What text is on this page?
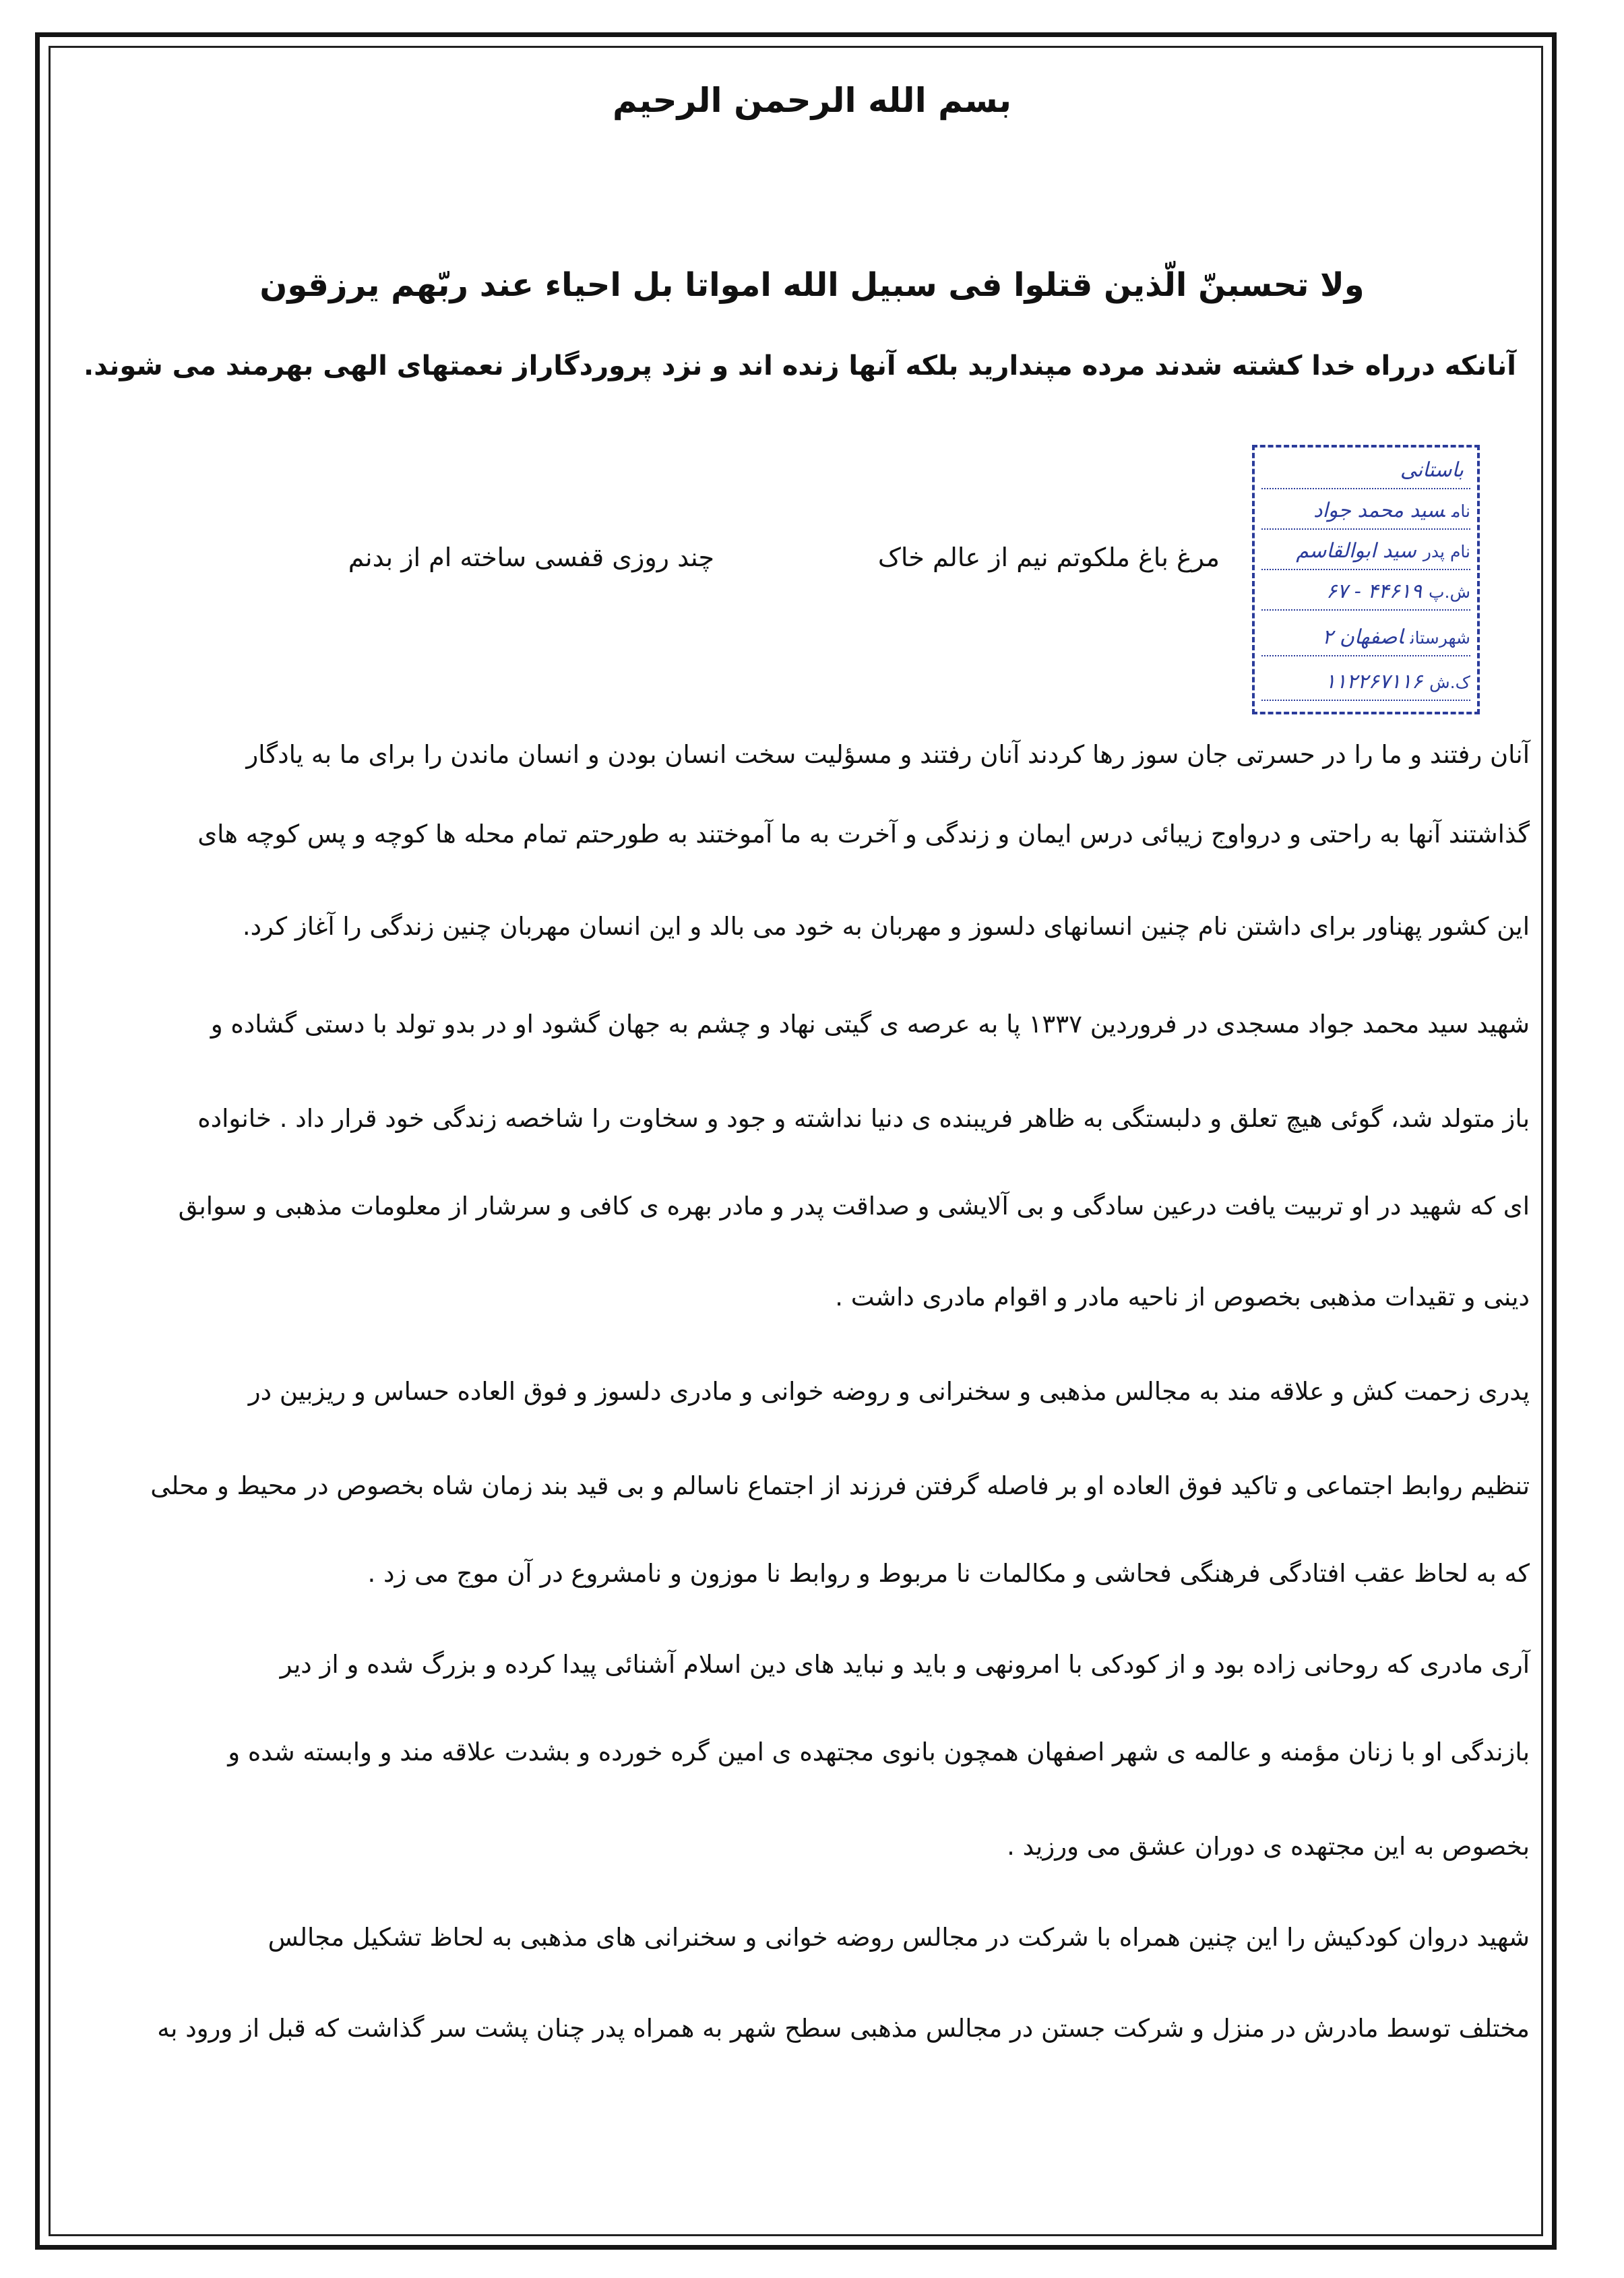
بسم الله الرحمن الرحیم
ولا تحسبنّ الّذین قتلوا فی سبیل الله امواتا بل احیاء عند ربّهم یرزقون
آنانکه درراه خدا کشته شدند مرده مپندارید بلکه آنها زنده اند و نزد پروردگاراز نعمتهای الهی بهرمند می شوند.
مرغ باغ ملکوتم نیم از عالم خاک
چند روزی قفسی ساخته ام از بدنم
باستانی
نامسید محمد جواد
نام پدرسید ابوالقاسم
ش.پ۴۴۶۱۹ - ۶۷
شهرستاناصفهان ۲
ک.ش۱۱۲۲۶۷۱۱۶
آنان رفتند و ما را در حسرتی جان سوز رها کردند آنان رفتند و مسؤلیت سخت انسان بودن و انسان ماندن را برای ما به یادگار
گذاشتند آنها به راحتی و درواوج زیبائی درس ایمان و زندگی و آخرت به ما آموختند به طورحتم تمام محله ها کوچه و پس کوچه های
این کشور پهناور برای داشتن نام چنین انسانهای دلسوز و مهربان به خود می بالد و این انسان مهربان چنین زندگی را آغاز کرد.
شهید سید محمد جواد مسجدی در فروردین ۱۳۳۷ پا به عرصه ی گیتی نهاد و چشم به جهان گشود او در بدو تولد با دستی گشاده و
باز متولد شد، گوئی هیچ تعلق و دلبستگی به ظاهر فریبنده ی دنیا نداشته و جود و سخاوت را شاخصه زندگی خود قرار داد . خانواده
ای که شهید در او تربیت یافت درعین سادگی و بی آلایشی و صداقت پدر و مادر بهره ی کافی و سرشار از معلومات مذهبی و سوابق
دینی و تقیدات مذهبی بخصوص از ناحیه مادر و اقوام مادری داشت .
پدری زحمت کش و علاقه مند به مجالس مذهبی و سخنرانی و روضه خوانی و مادری دلسوز و فوق العاده حساس و ریزبین در
تنظیم روابط اجتماعی و تاکید فوق العاده او بر فاصله گرفتن فرزند از اجتماع ناسالم و بی قید بند زمان شاه بخصوص در محیط و محلی
که به لحاظ عقب افتادگی فرهنگی فحاشی و مکالمات نا مربوط و روابط نا موزون و نامشروع در آن موج می زد .
آری مادری که روحانی زاده بود و از کودکی با امرونهی و باید و نباید های دین اسلام آشنائی پیدا کرده و بزرگ شده و از دیر
بازندگی او با زنان مؤمنه و عالمه ی شهر اصفهان همچون بانوی مجتهده ی امین گره خورده و بشدت علاقه مند و وابسته شده و
بخصوص به این مجتهده ی دوران عشق می ورزید .
شهید دروان کودکیش را این چنین همراه با شرکت در مجالس روضه خوانی و سخنرانی های مذهبی به لحاظ تشکیل مجالس
مختلف توسط مادرش در منزل و شرکت جستن در مجالس مذهبی سطح شهر به همراه پدر چنان پشت سر گذاشت که قبل از ورود به
